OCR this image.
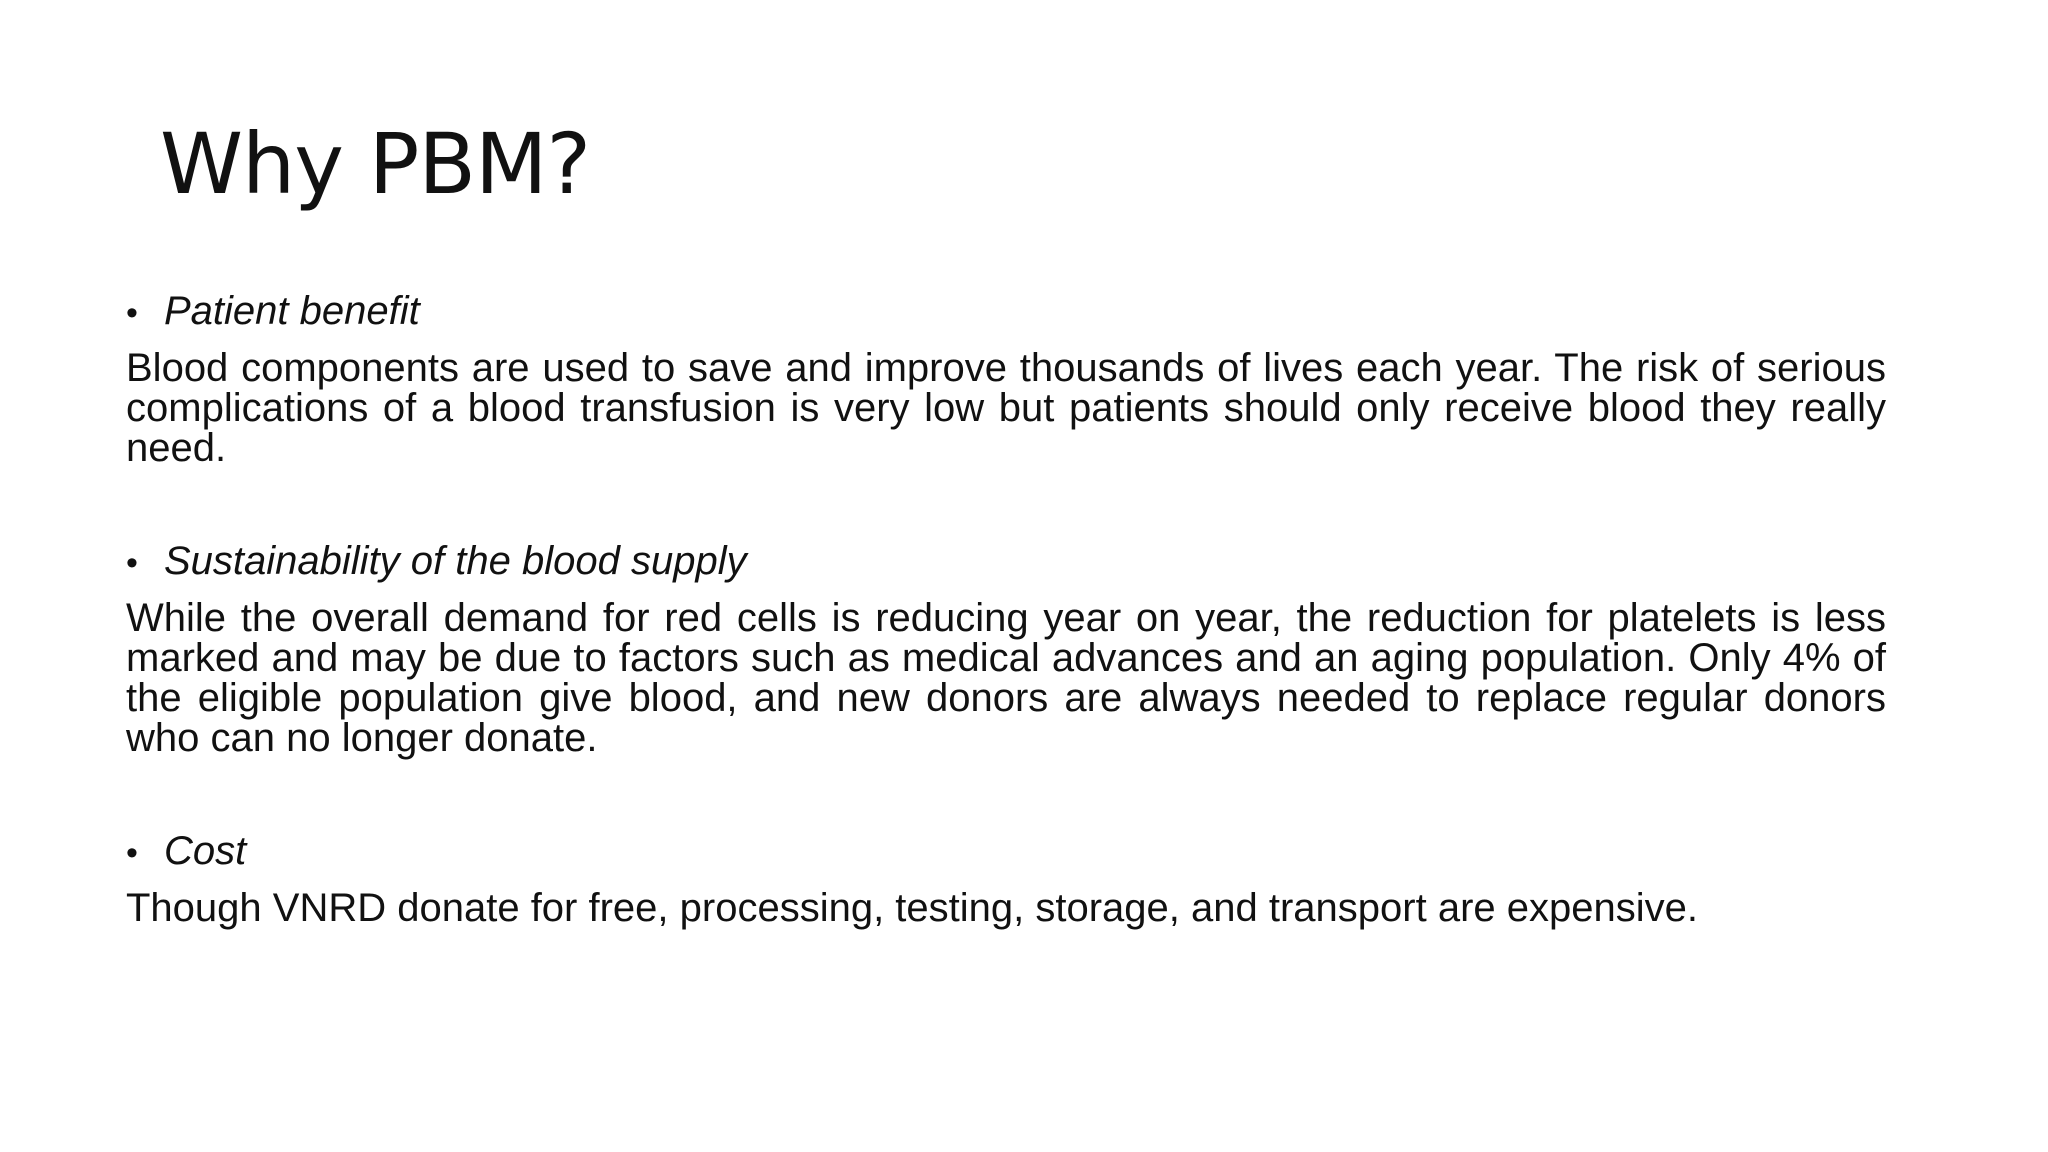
Why PBM?

• Patient benefit

Blood components are used to save and improve thousands of lives each year. The risk of serious complications of a blood transfusion is very low but patients should only receive blood they really need.

• Sustainability of the blood supply

While the overall demand for red cells is reducing year on year, the reduction for platelets is less marked and may be due to factors such as medical advances and an aging population. Only 4% of the eligible population give blood, and new donors are always needed to replace regular donors who can no longer donate.

• Cost

Though VNRD donate for free, processing, testing, storage, and transport are expensive.
